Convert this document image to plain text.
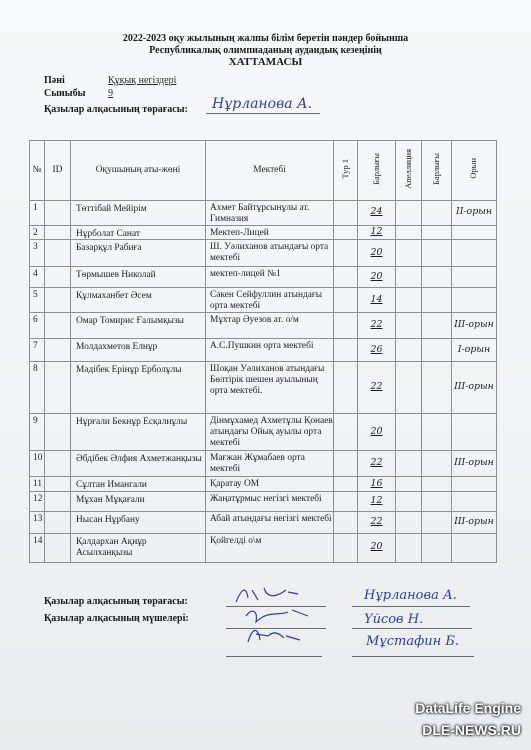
2022-2023 оқу жылының жалпы білім беретін пәндер бойынша
Республикалық олимпиаданың аудандық кезеңінің
ХАТТАМАСЫ
Пәні	Құқық негіздері
Сыныбы 9
Қазылар алқасының төрағасы:	Нұрланова А.
№	ID	Оқушының аты-жөні	Мектебі	Тур 1	Барлығы	Апелляция	Барлығы	Орын
1		Төттібай Мейірім	Ахмет Байтұрсынұлы ат. Гимназия		24			ІІ-орын
2		Нұрболат Санат	Мектеп-Лицей		12			
3		Базарқұл Рабиға	Ш. Уәлиханов атындағы орта мектебі		20			
4		Төрмышев Николай	мектеп-лицей №1		20			
5		Құлмаханбет Әсем	Сәкен Сейфуллин атындағы орта мектебі		14			
6		Омар Томирис Ғалымқызы	Мұхтар Әуезов ат. о/м		22			ІІІ-орын
7		Молдахметов Елнұр	А.С.Пушкин орта мектебі		26			І-орын
8		Мәдібек Ерінұр Ерболұлы	Шоқан Уәлиханов атындағы Бөлтірік шешен ауылының орта мектебі.		22			ІІІ-орын
9		Нұрғали Бекнұр Есқалиұлы	Дінмұхамед Ахметұлы Қонаев атындағы Ойық ауылы орта мектебі		20			
10		Әбдібек Әлфия Ахметжанқызы	Мағжан Жұмабаев орта мектебі		22			ІІІ-орын
11		Сұлтан Имангали	Қаратау ОМ		16			
12		Мұхан Мұқағали	Жаңатұрмыс негізгі мектебі		12			
13		Нысан Нұрбану	Абай атындағы негізгі мектебі		22			ІІІ-орын
14		Қалдархан Ақнұр Асылханқызы	Қойгелді о\м		20			
Қазылар алқасының төрағасы:
Қазылар алқасының мүшелері:
Нұрланова А.
Үйсов Н.
Мұстафин Б.
DataLife Engine
DLE-NEWS.RU
